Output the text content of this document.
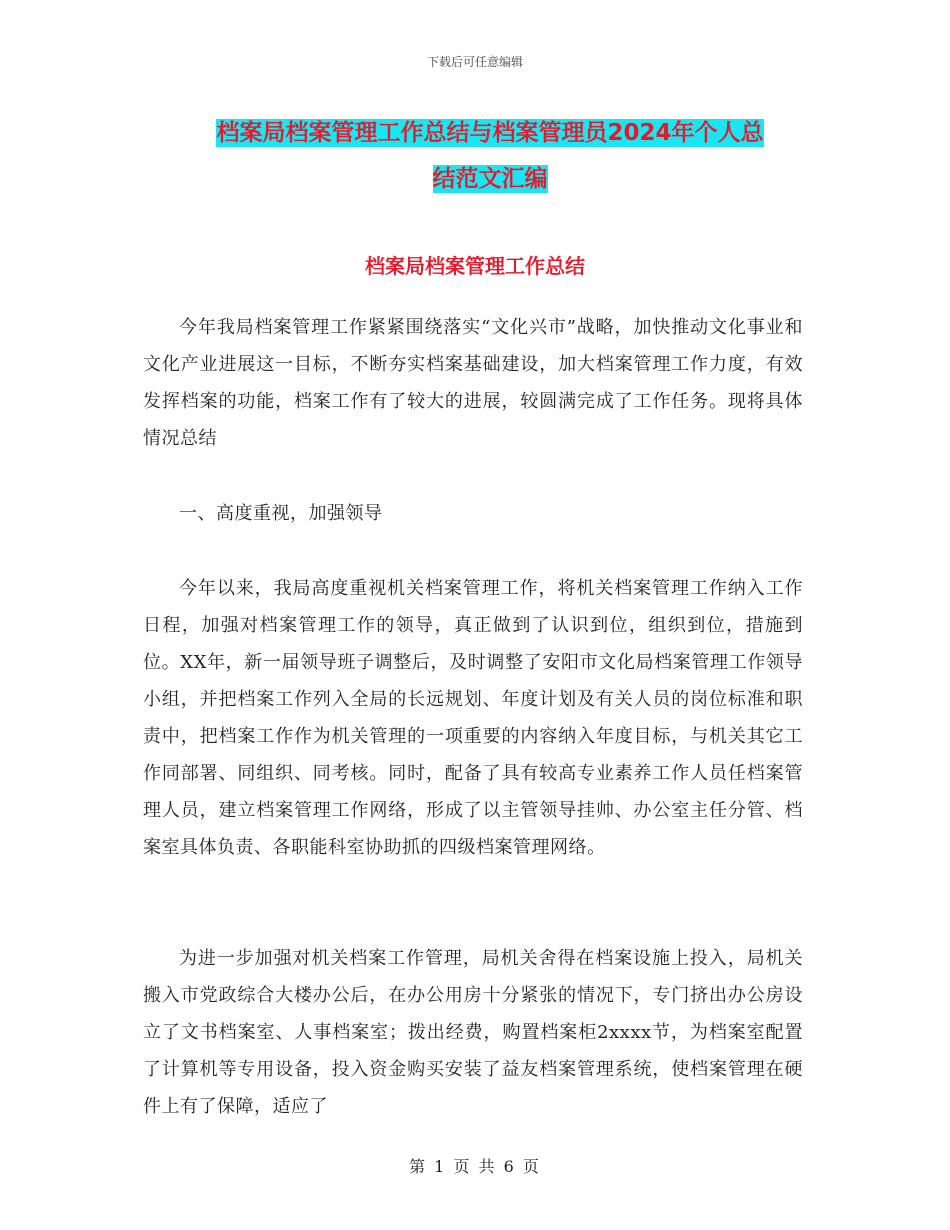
下载后可任意编辑
档案局档案管理工作总结与档案管理员2024年个人总
结范文汇编
档案局档案管理工作总结

今年我局档案管理工作紧紧围绕落实“文化兴市”战略，加快推动文化事业和文化产业进展这一目标，不断夯实档案基础建设，加大档案管理工作力度，有效发挥档案的功能，档案工作有了较大的进展，较圆满完成了工作任务。现将具体情况总结

一、高度重视，加强领导

今年以来，我局高度重视机关档案管理工作，将机关档案管理工作纳入工作日程，加强对档案管理工作的领导，真正做到了认识到位，组织到位，措施到位。XX年，新一届领导班子调整后，及时调整了安阳市文化局档案管理工作领导小组，并把档案工作列入全局的长远规划、年度计划及有关人员的岗位标准和职责中，把档案工作作为机关管理的一项重要的内容纳入年度目标，与机关其它工作同部署、同组织、同考核。同时，配备了具有较高专业素养工作人员任档案管理人员，建立档案管理工作网络，形成了以主管领导挂帅、办公室主任分管、档案室具体负责、各职能科室协助抓的四级档案管理网络。

为进一步加强对机关档案工作管理，局机关舍得在档案设施上投入，局机关搬入市党政综合大楼办公后，在办公用房十分紧张的情况下，专门挤出办公房设立了文书档案室、人事档案室；拨出经费，购置档案柜2xxxx节，为档案室配置了计算机等专用设备，投入资金购买安装了益友档案管理系统，使档案管理在硬件上有了保障，适应了

第 1 页 共 6 页
